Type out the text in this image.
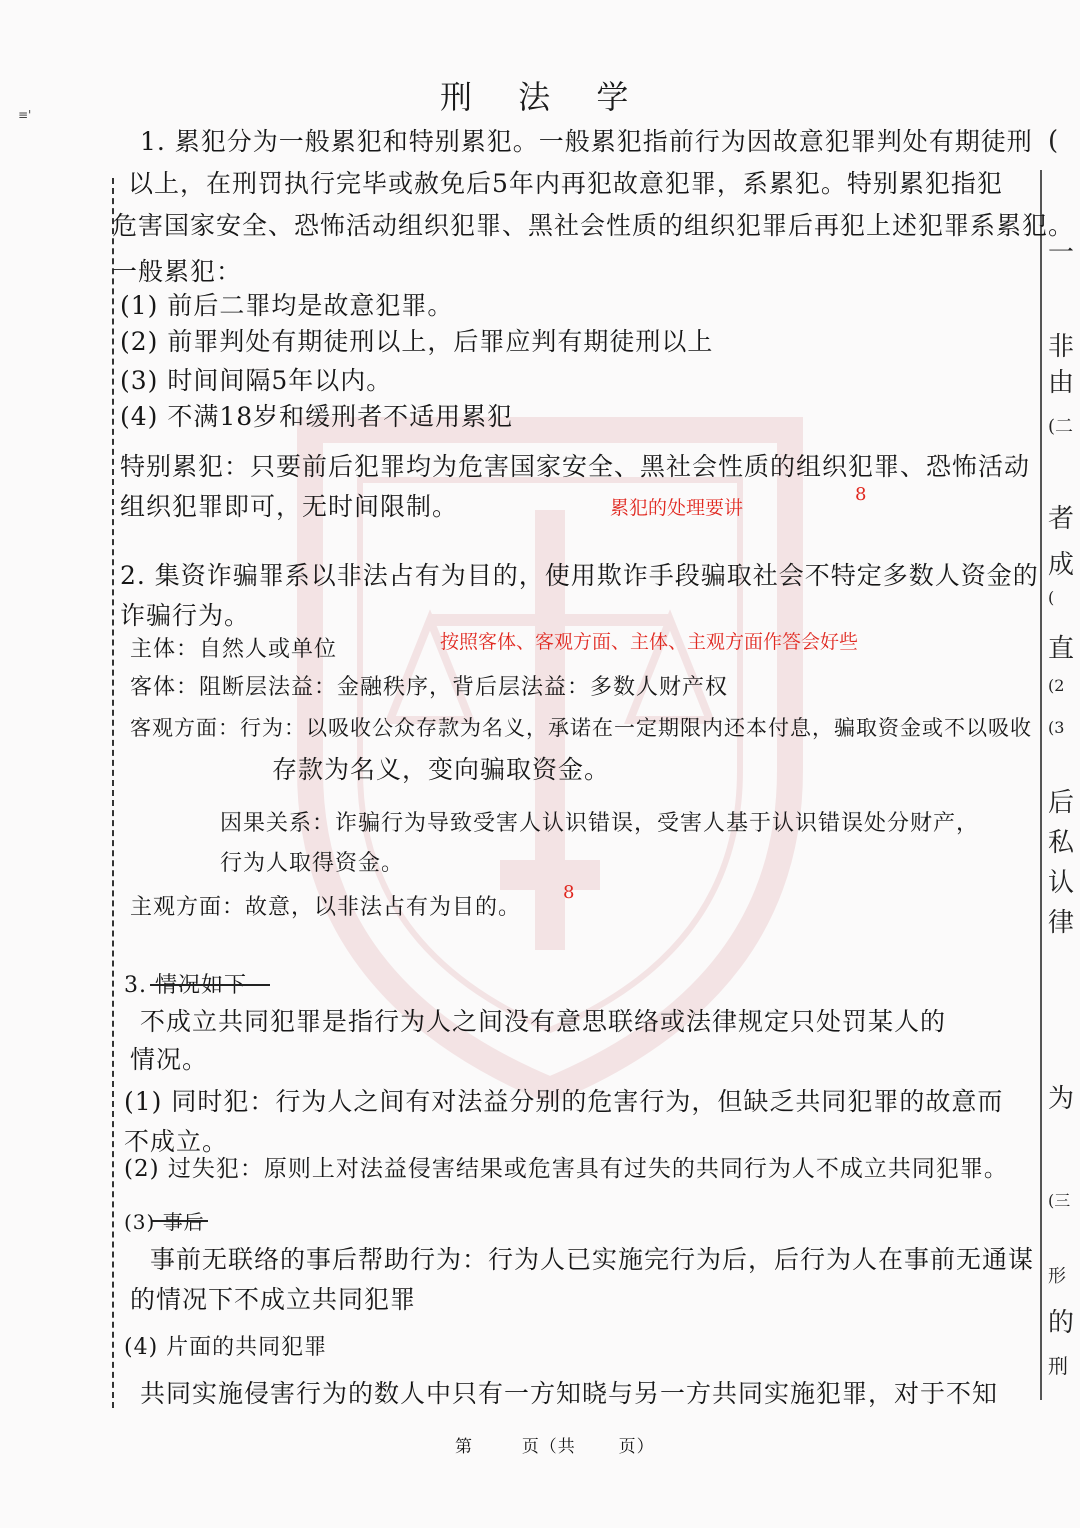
≡'	刑 法 学
1. 累犯分为一般累犯和特别累犯。一般累犯指前行为因故意犯罪判处有期徒刑
以上，在刑罚执行完毕或赦免后5年内再犯故意犯罪，系累犯。特别累犯指犯
危害国家安全、恐怖活动组织犯罪、黑社会性质的组织犯罪后再犯上述犯罪系累犯。
一般累犯：
(1) 前后二罪均是故意犯罪。
(2) 前罪判处有期徒刑以上，后罪应判有期徒刑以上
(3) 时间间隔5年以内。
(4) 不满18岁和缓刑者不适用累犯
特别累犯：只要前后犯罪均为危害国家安全、黑社会性质的组织犯罪、恐怖活动
组织犯罪即可，无时间限制。
2. 集资诈骗罪系以非法占有为目的，使用欺诈手段骗取社会不特定多数人资金的
诈骗行为。
主体：自然人或单位
客体：阻断层法益：金融秩序，背后层法益：多数人财产权
客观方面：行为：以吸收公众存款为名义，承诺在一定期限内还本付息，骗取资金或不以吸收
存款为名义，变向骗取资金。
因果关系：诈骗行为导致受害人认识错误，受害人基于认识错误处分财产，
行为人取得资金。
主观方面：故意，以非法占有为目的。
3. 情况如下
不成立共同犯罪是指行为人之间没有意思联络或法律规定只处罚某人的
情况。
(1) 同时犯：行为人之间有对法益分别的危害行为，但缺乏共同犯罪的故意而
不成立。
(2) 过失犯：原则上对法益侵害结果或危害具有过失的共同行为人不成立共同犯罪。
(3) 事后
事前无联络的事后帮助行为：行为人已实施完行为后，后行为人在事前无通谋
的情况下不成立共同犯罪
(4) 片面的共同犯罪
共同实施侵害行为的数人中只有一方知晓与另一方共同实施犯罪，对于不知
累犯的处理要讲
8
按照客体、客观方面、主体、主观方面作答会好些
8
(
一
非
由
(二
者
成
(
直
(2
(3
后
私
认
律
为
(三
形
的
刑
第	页（共	页）
